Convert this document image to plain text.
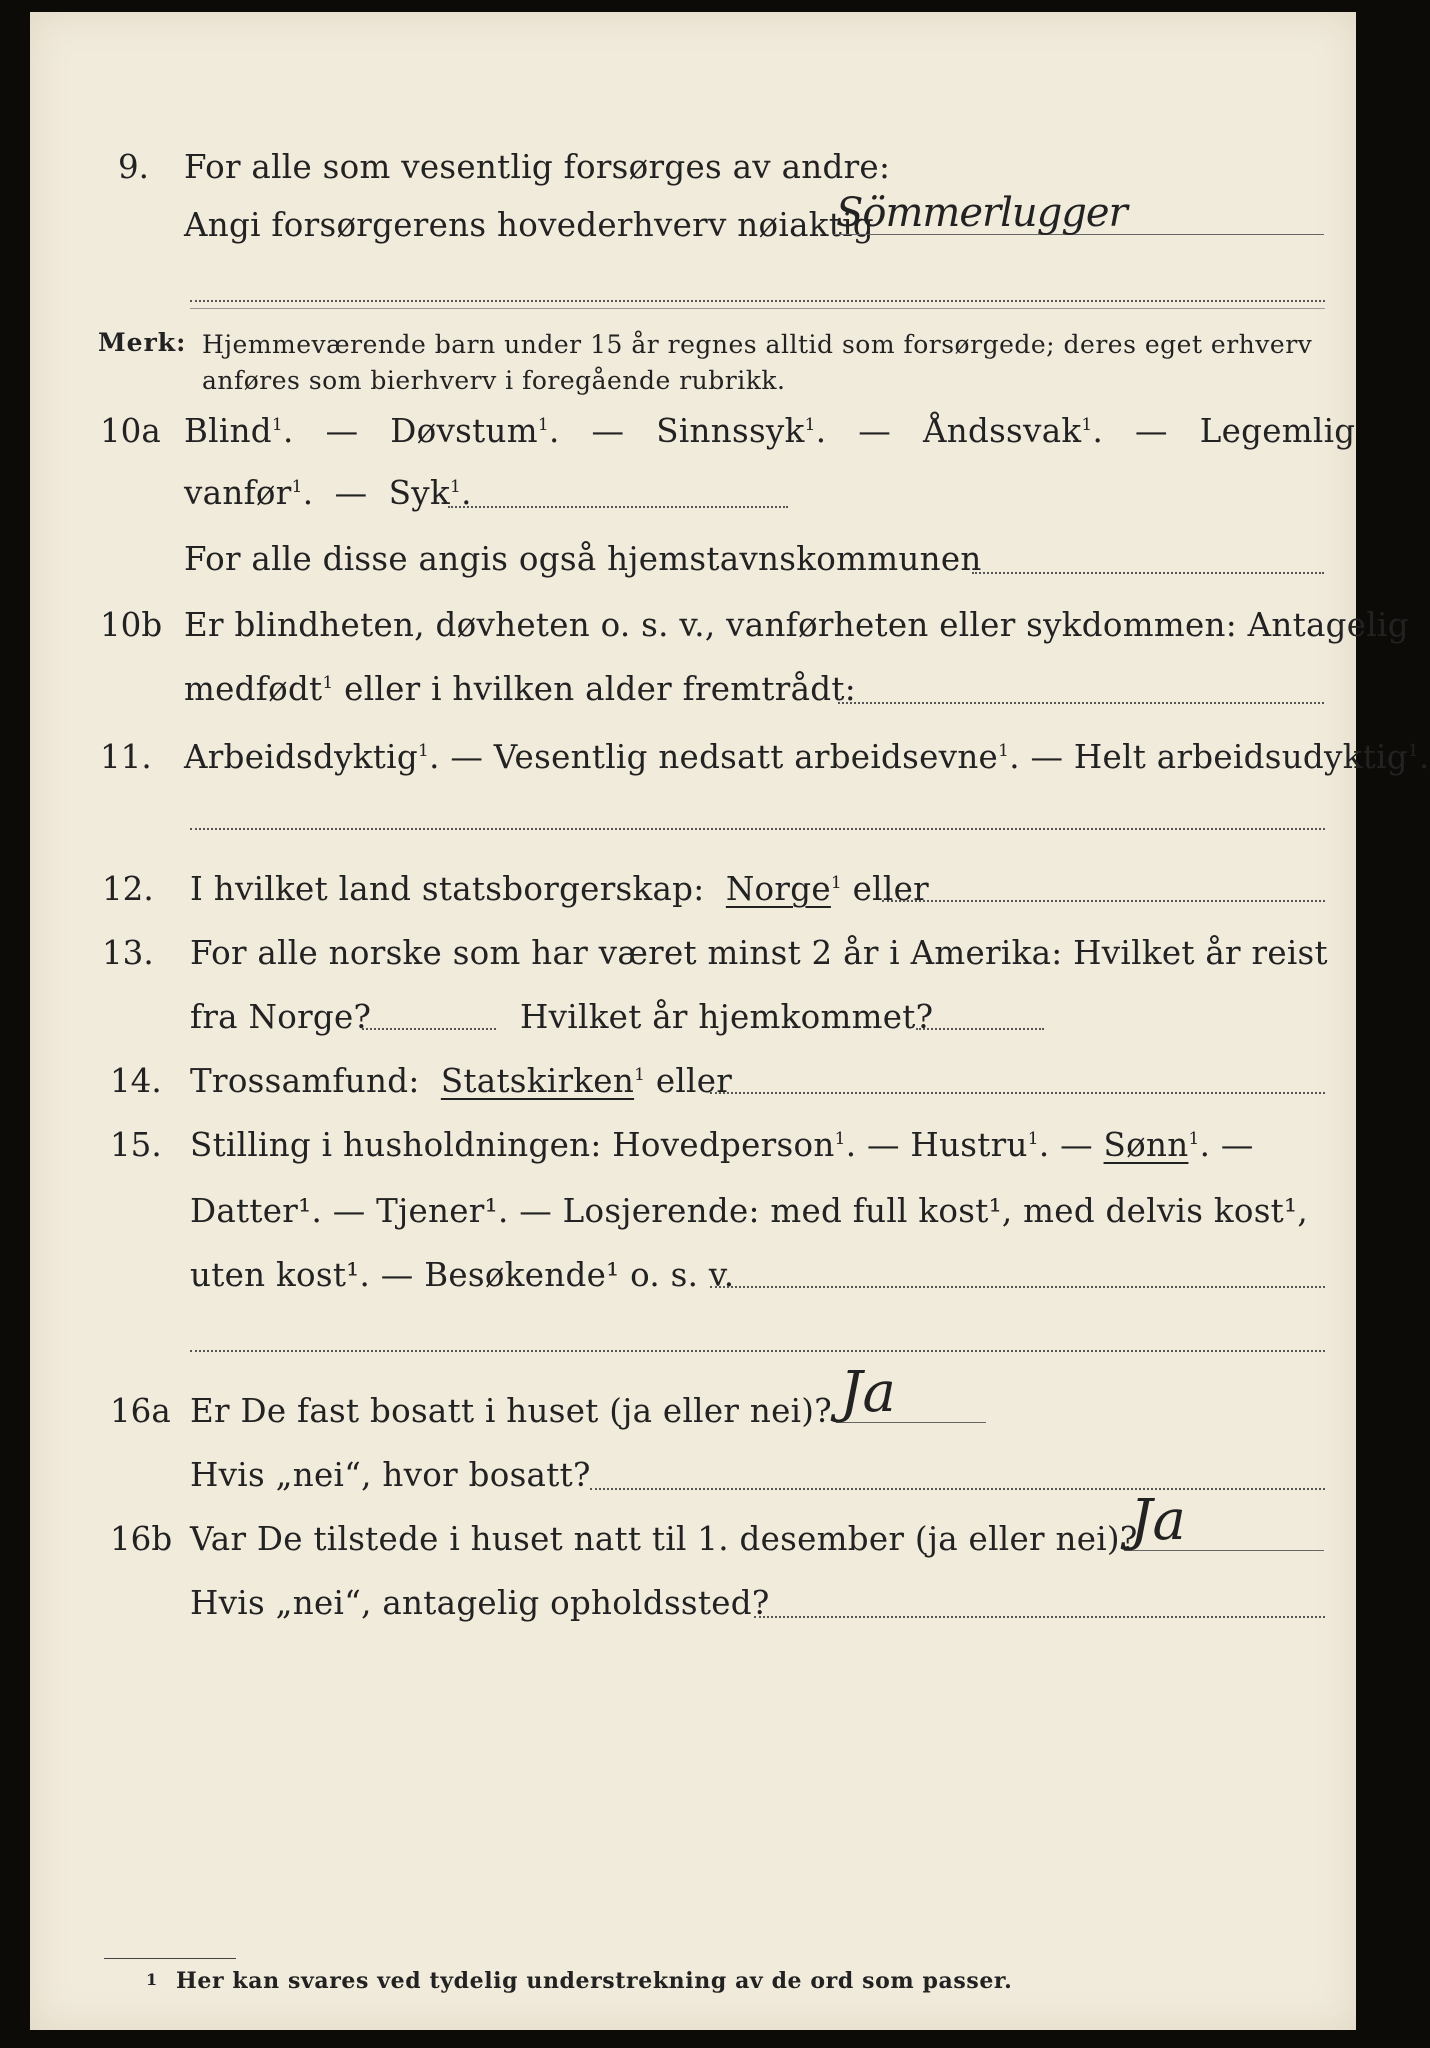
9. For alle som vesentlig forsørges av andre:
Angi forsørgerens hovederhverv nøiaktig
Sömmerlugger
Merk: Hjemmeværende barn under 15 år regnes alltid som forsørgede; deres eget erhverv
anføres som bierhverv i foregående rubrikk.
10a Blind$^1$.   — Døvstum$^1$.   — Sinnssyk$^1$.   — Åndssvak$^1$.   — Legemlig
vanfør$^1$.  — Syk$^1$.
For alle disse angis også hjemstavnskommunen
10b Er blindheten, døvheten o. s. v., vanførheten eller sykdommen: Antagelig
medfødt$^1$ eller i hvilken alder fremtrådt:
11. Arbeidsdyktig$^1$. — Vesentlig nedsatt arbeidsevne$^1$. — Helt arbeidsudyktig$^1$.
12. I hvilket land statsborgerskap: Norge$^1$ eller
13. For alle norske som har været minst 2 år i Amerika: Hvilket år reist
fra Norge?	Hvilket år hjemkommet?
14. Trossamfund: Statskirken$^1$ eller
15. Stilling i husholdningen: Hovedperson$^1$. — Hustru$^1$. — Sønn$^1$. —
Datter¹. — Tjener¹. — Losjerende: med full kost¹, med delvis kost¹,
uten kost¹. — Besøkende¹ o. s. v.
16a Er De fast bosatt i huset (ja eller nei)? Ja
Hvis „nei“, hvor bosatt?
16b Var De tilstede i huset natt til 1. desember (ja eller nei)?
Ja
Hvis „nei“, antagelig opholdssted?
1 Her kan svares ved tydelig understrekning av de ord som passer.
